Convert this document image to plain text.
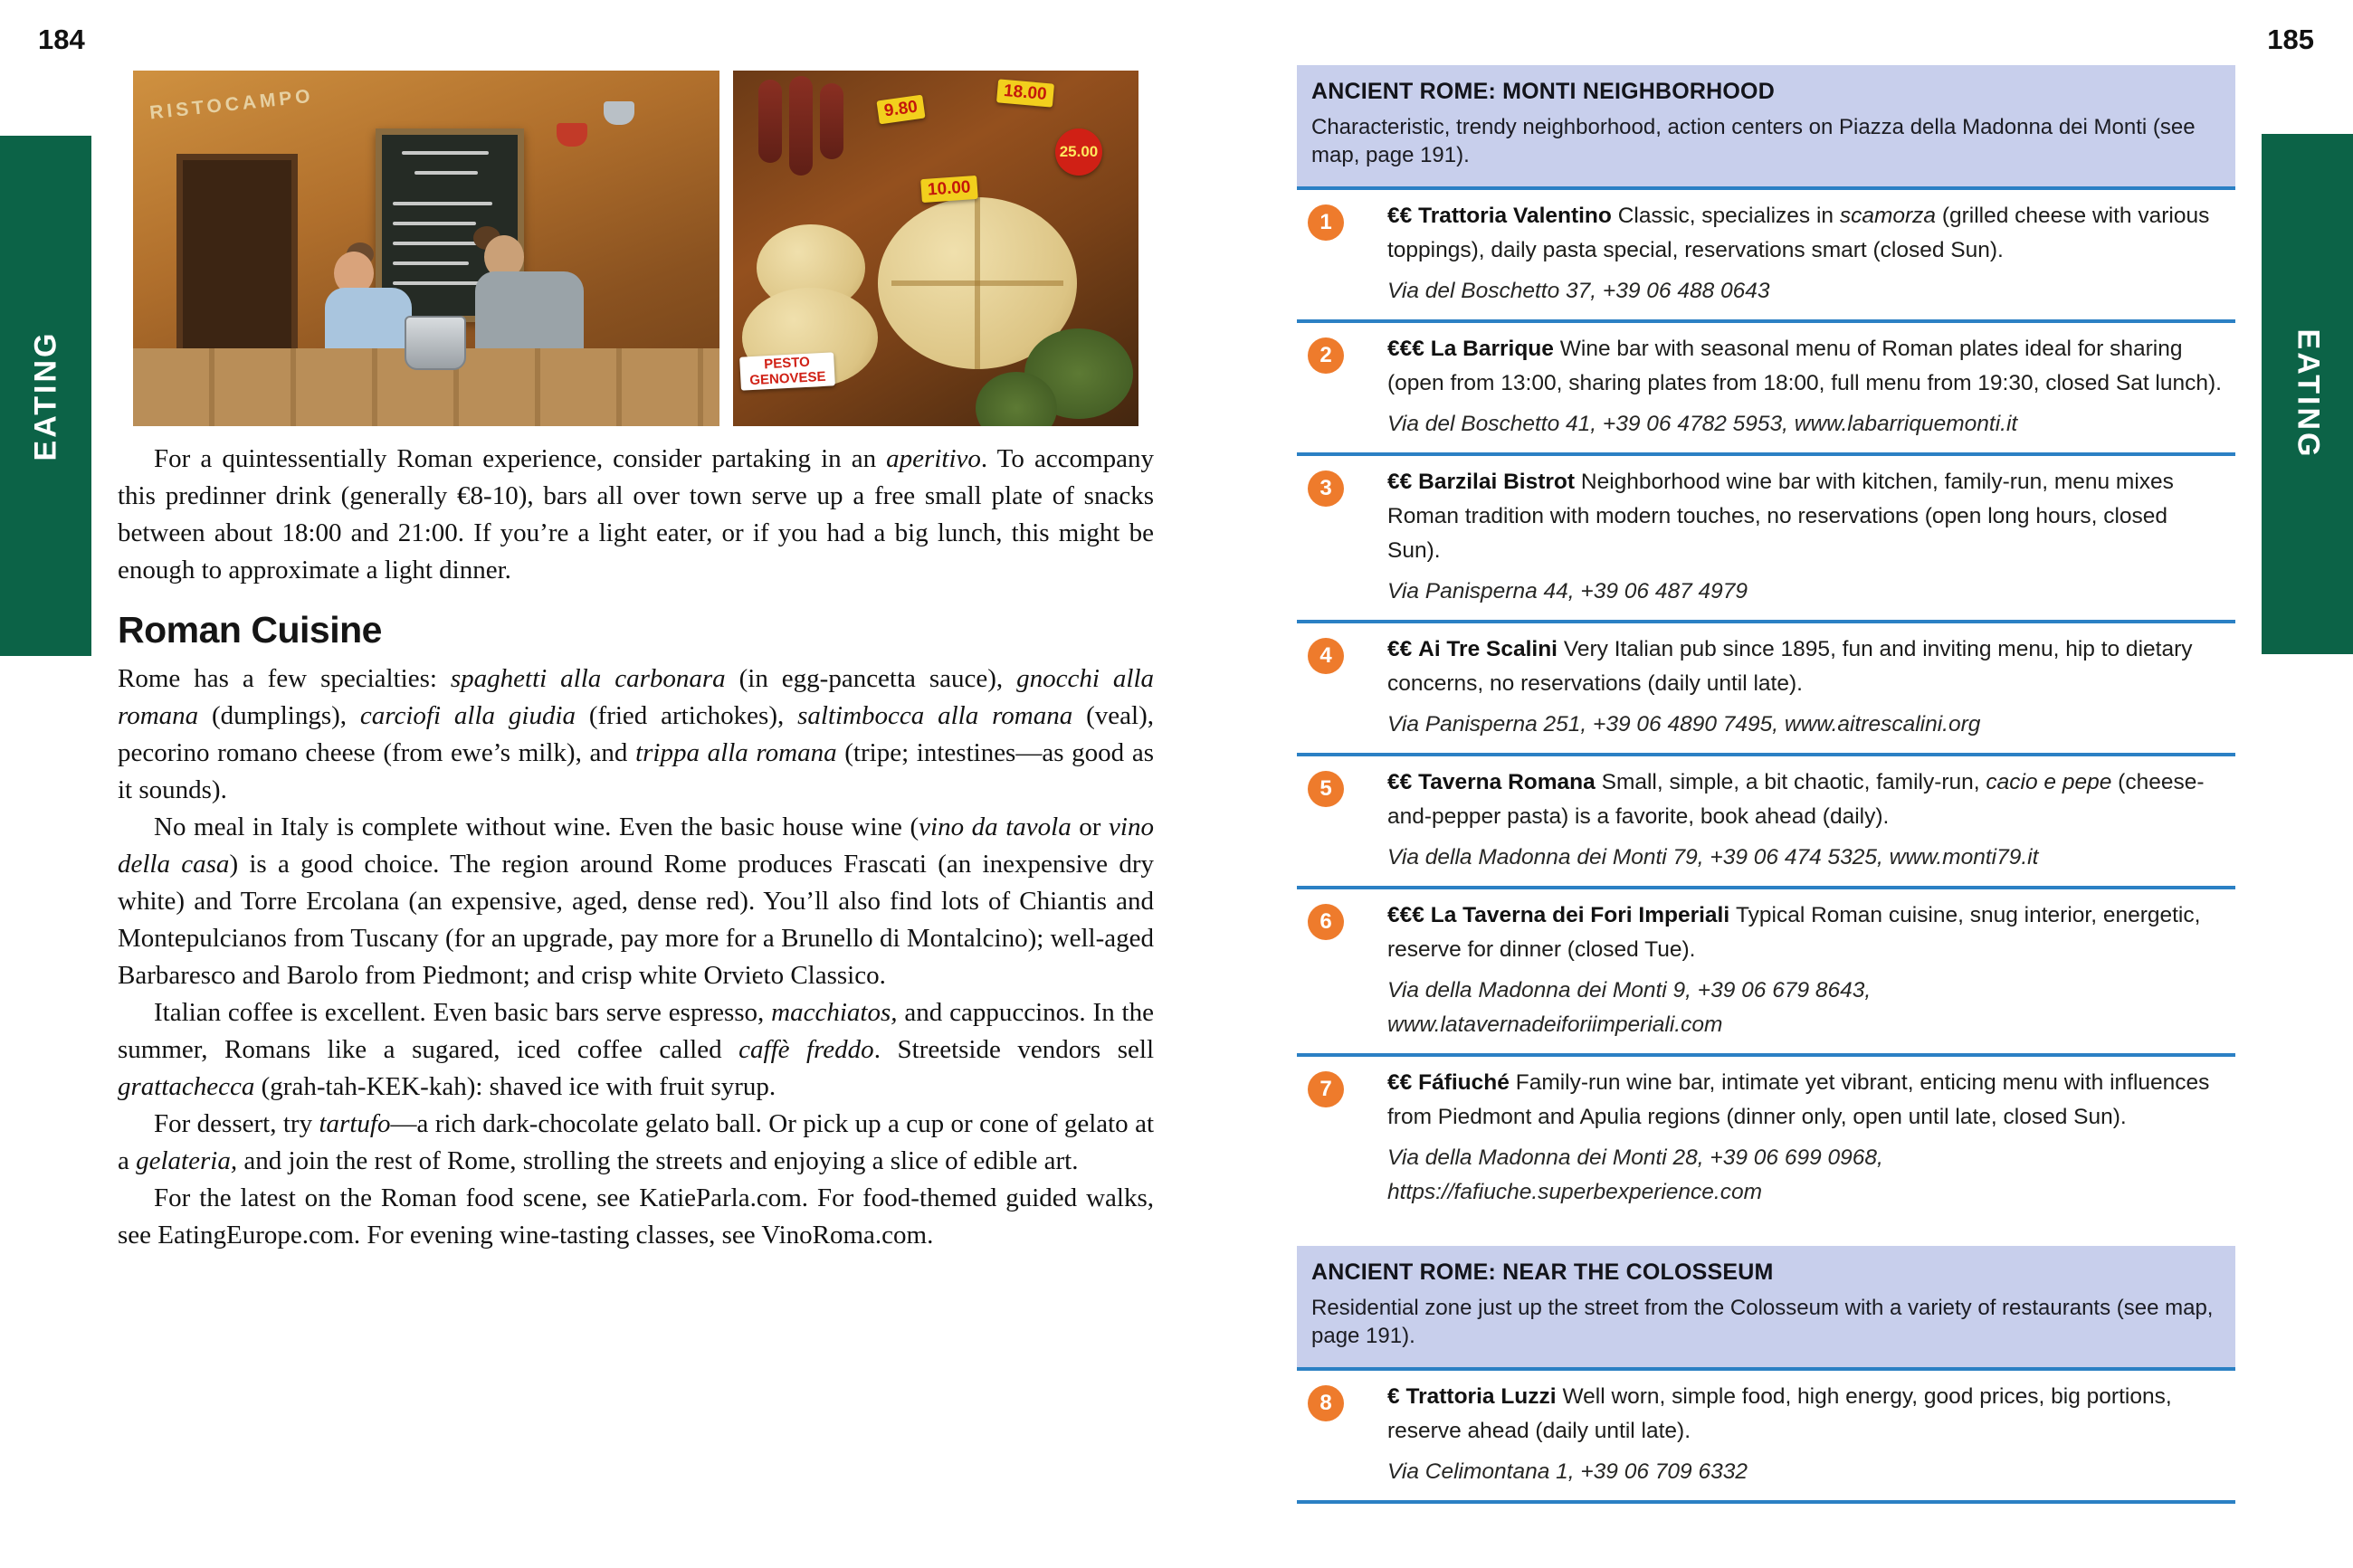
184	185
EATING	EATING
RISTOCAMPO	9.80
18.00
10.00
25.00
PESTO GENOVESE

For a quintessentially Roman experience, consider partaking in an aperitivo. To accompany this predinner drink (generally €8-10), bars all over town serve up a free small plate of snacks between about 18:00 and 21:00. If you’re a light eater, or if you had a big lunch, this might be enough to approximate a light dinner.

Roman Cuisine

Rome has a few specialties: spaghetti alla carbonara (in egg-pancetta sauce), gnocchi alla romana (dumplings), carciofi alla giudia (fried artichokes), saltimbocca alla romana (veal), pecorino romano cheese (from ewe’s milk), and trippa alla romana (tripe; intestines—as good as it sounds).

No meal in Italy is complete without wine. Even the basic house wine (vino da tavola or vino della casa) is a good choice. The region around Rome produces Frascati (an inexpensive dry white) and Torre Ercolana (an expensive, aged, dense red). You’ll also find lots of Chiantis and Montepulcianos from Tuscany (for an upgrade, pay more for a Brunello di Montalcino); well-aged Barbaresco and Barolo from Piedmont; and crisp white Orvieto Classico.

Italian coffee is excellent. Even basic bars serve espresso, macchiatos, and cappuccinos. In the summer, Romans like a sugared, iced coffee called caffè freddo. Streetside vendors sell grattachecca (grah-tah-KEK-kah): shaved ice with fruit syrup.

For dessert, try tartufo—a rich dark-chocolate gelato ball. Or pick up a cup or cone of gelato at a gelateria, and join the rest of Rome, strolling the streets and enjoying a slice of edible art.

For the latest on the Roman food scene, see KatieParla.com. For food-themed guided walks, see EatingEurope.com. For evening wine-tasting classes, see VinoRoma.com.

ANCIENT ROME: MONTI NEIGHBORHOOD
Characteristic, trendy neighborhood, action centers on Piazza della Madonna dei Monti (see map, page 191).
1	€€ Trattoria Valentino Classic, specializes in scamorza (grilled cheese with various toppings), daily pasta special, reservations smart (closed Sun).
Via del Boschetto 37, +39 06 488 0643
2	€€€ La Barrique Wine bar with seasonal menu of Roman plates ideal for sharing (open from 13:00, sharing plates from 18:00, full menu from 19:30, closed Sat lunch).
Via del Boschetto 41, +39 06 4782 5953, www.labarriquemonti.it
3	€€ Barzilai Bistrot Neighborhood wine bar with kitchen, family-run, menu mixes Roman tradition with modern touches, no reservations (open long hours, closed Sun).
Via Panisperna 44, +39 06 487 4979
4	€€ Ai Tre Scalini Very Italian pub since 1895, fun and inviting menu, hip to dietary concerns, no reservations (daily until late).
Via Panisperna 251, +39 06 4890 7495, www.aitrescalini.org
5	€€ Taverna Romana Small, simple, a bit chaotic, family-run, cacio e pepe (cheese-and-pepper pasta) is a favorite, book ahead (daily).
Via della Madonna dei Monti 79, +39 06 474 5325, www.monti79.it
6	€€€ La Taverna dei Fori Imperiali Typical Roman cuisine, snug interior, energetic, reserve for dinner (closed Tue).
Via della Madonna dei Monti 9, +39 06 679 8643,
www.latavernadeiforiimperiali.com
7	€€ Fáfiuché Family-run wine bar, intimate yet vibrant, enticing menu with influences from Piedmont and Apulia regions (dinner only, open until late, closed Sun).
Via della Madonna dei Monti 28, +39 06 699 0968,
https://fafiuche.superbexperience.com
ANCIENT ROME: NEAR THE COLOSSEUM
Residential zone just up the street from the Colosseum with a variety of restaurants (see map, page 191).
8	€ Trattoria Luzzi Well worn, simple food, high energy, good prices, big portions, reserve ahead (daily until late).
Via Celimontana 1, +39 06 709 6332
